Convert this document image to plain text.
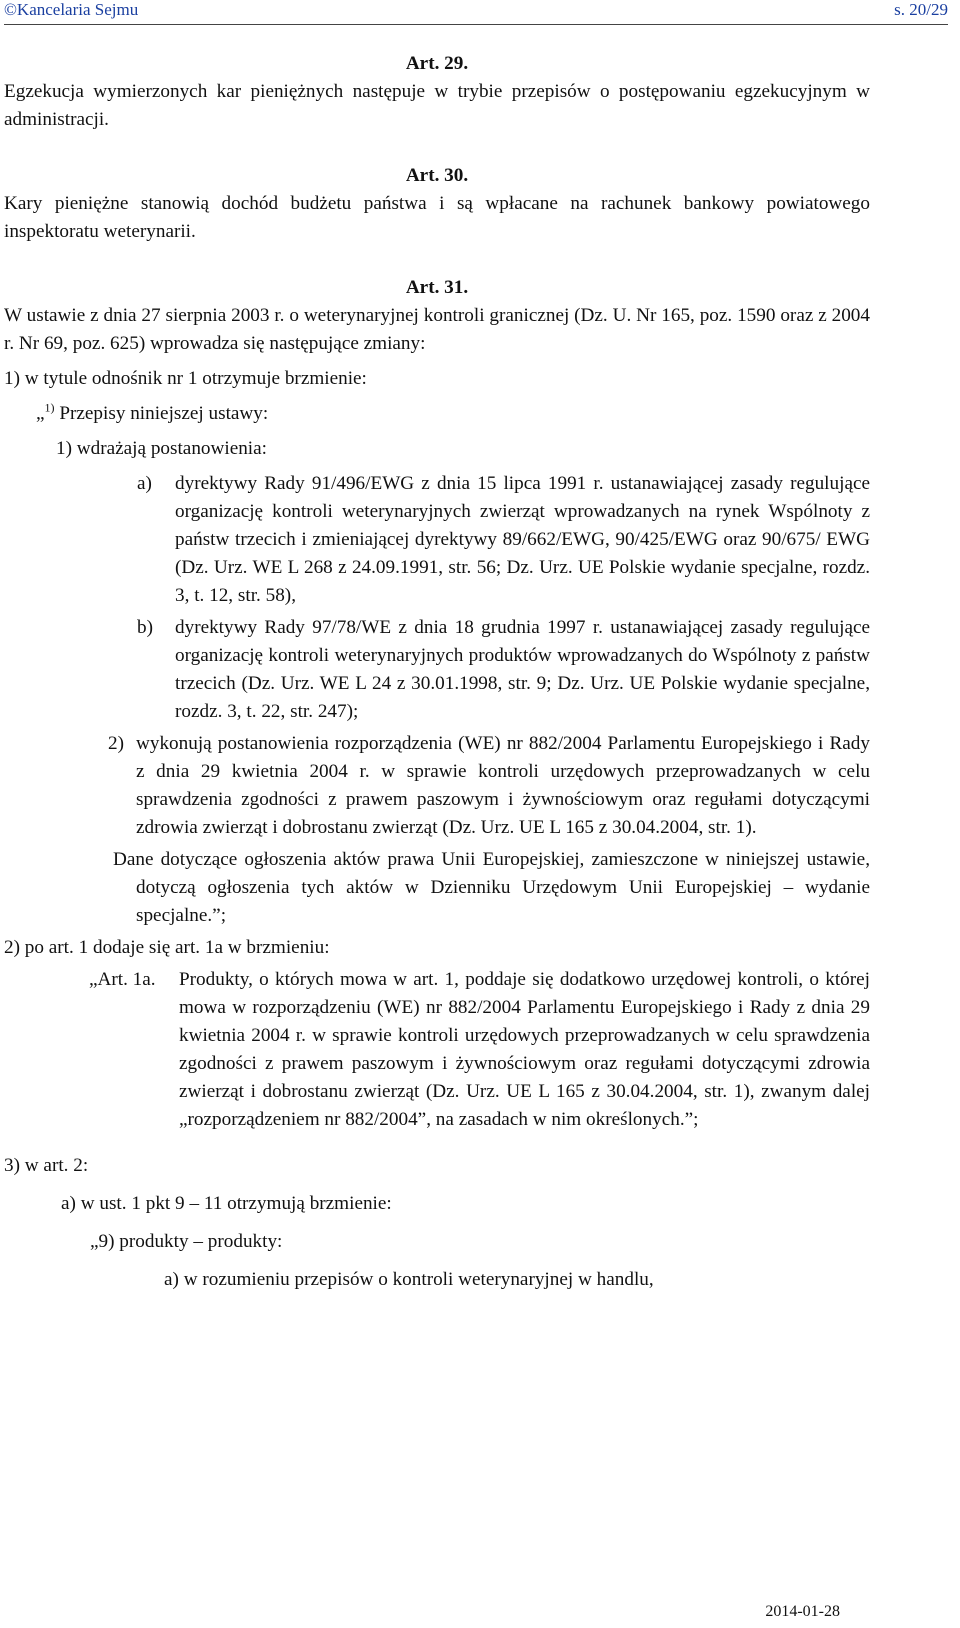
©Kancelaria Sejmu	s. 20/29

Art. 29.

Egzekucja wymierzonych kar pieniężnych następuje w trybie przepisów o postępowaniu egzekucyjnym w administracji.

Art. 30.

Kary pieniężne stanowią dochód budżetu państwa i są wpłacane na rachunek bankowy powiatowego inspektoratu weterynarii.

Art. 31.

W ustawie z dnia 27 sierpnia 2003 r. o weterynaryjnej kontroli granicznej (Dz. U. Nr 165, poz. 1590 oraz z 2004 r. Nr 69, poz. 625) wprowadza się następujące zmiany:

1) w tytule odnośnik nr 1 otrzymuje brzmienie:

„$^{1)}$ Przepisy niniejszej ustawy:

1) wdrażają postanowienia:

a) dyrektywy Rady 91/496/EWG z dnia 15 lipca 1991 r. ustanawiającej zasady regulujące organizację kontroli weterynaryjnych zwierząt wprowadzanych na rynek Wspólnoty z państw trzecich i zmieniającej dyrektywy 89/662/EWG, 90/425/EWG oraz 90/675/ EWG (Dz. Urz. WE L 268 z 24.09.1991, str. 56; Dz. Urz. UE Polskie wydanie specjalne, rozdz. 3, t. 12, str. 58),
b) dyrektywy Rady 97/78/WE z dnia 18 grudnia 1997 r. ustanawiającej zasady regulujące organizację kontroli weterynaryjnych produktów wprowadzanych do Wspólnoty z państw trzecich (Dz. Urz. WE L 24 z 30.01.1998, str. 9; Dz. Urz. UE Polskie wydanie specjalne, rozdz. 3, t. 22, str. 247);
2) wykonują postanowienia rozporządzenia (WE) nr 882/2004 Parlamentu Europejskiego i Rady z dnia 29 kwietnia 2004 r. w sprawie kontroli urzędowych przeprowadzanych w celu sprawdzenia zgodności z prawem paszowym i żywnościowym oraz regułami dotyczącymi zdrowia zwierząt i dobrostanu zwierząt (Dz. Urz. UE L 165 z 30.04.2004, str. 1).

Dane dotyczące ogłoszenia aktów prawa Unii Europejskiej, zamieszczone w niniejszej ustawie, dotyczą ogłoszenia tych aktów w Dzienniku Urzędowym Unii Europejskiej – wydanie specjalne.”;

2) po art. 1 dodaje się art. 1a w brzmieniu:

„Art. 1a. Produkty, o których mowa w art. 1, poddaje się dodatkowo urzędowej kontroli, o której mowa w rozporządzeniu (WE) nr 882/2004 Parlamentu Europejskiego i Rady z dnia 29 kwietnia 2004 r. w sprawie kontroli urzędowych przeprowadzanych w celu sprawdzenia zgodności z prawem paszowym i żywnościowym oraz regułami dotyczącymi zdrowia zwierząt i dobrostanu zwierząt (Dz. Urz. UE L 165 z 30.04.2004, str. 1), zwanym dalej „rozporządzeniem nr 882/2004”, na zasadach w nim określonych.”;

3) w art. 2:

a) w ust. 1 pkt 9 – 11 otrzymują brzmienie:

„9) produkty – produkty:

a) w rozumieniu przepisów o kontroli weterynaryjnej w handlu,

2014-01-28
